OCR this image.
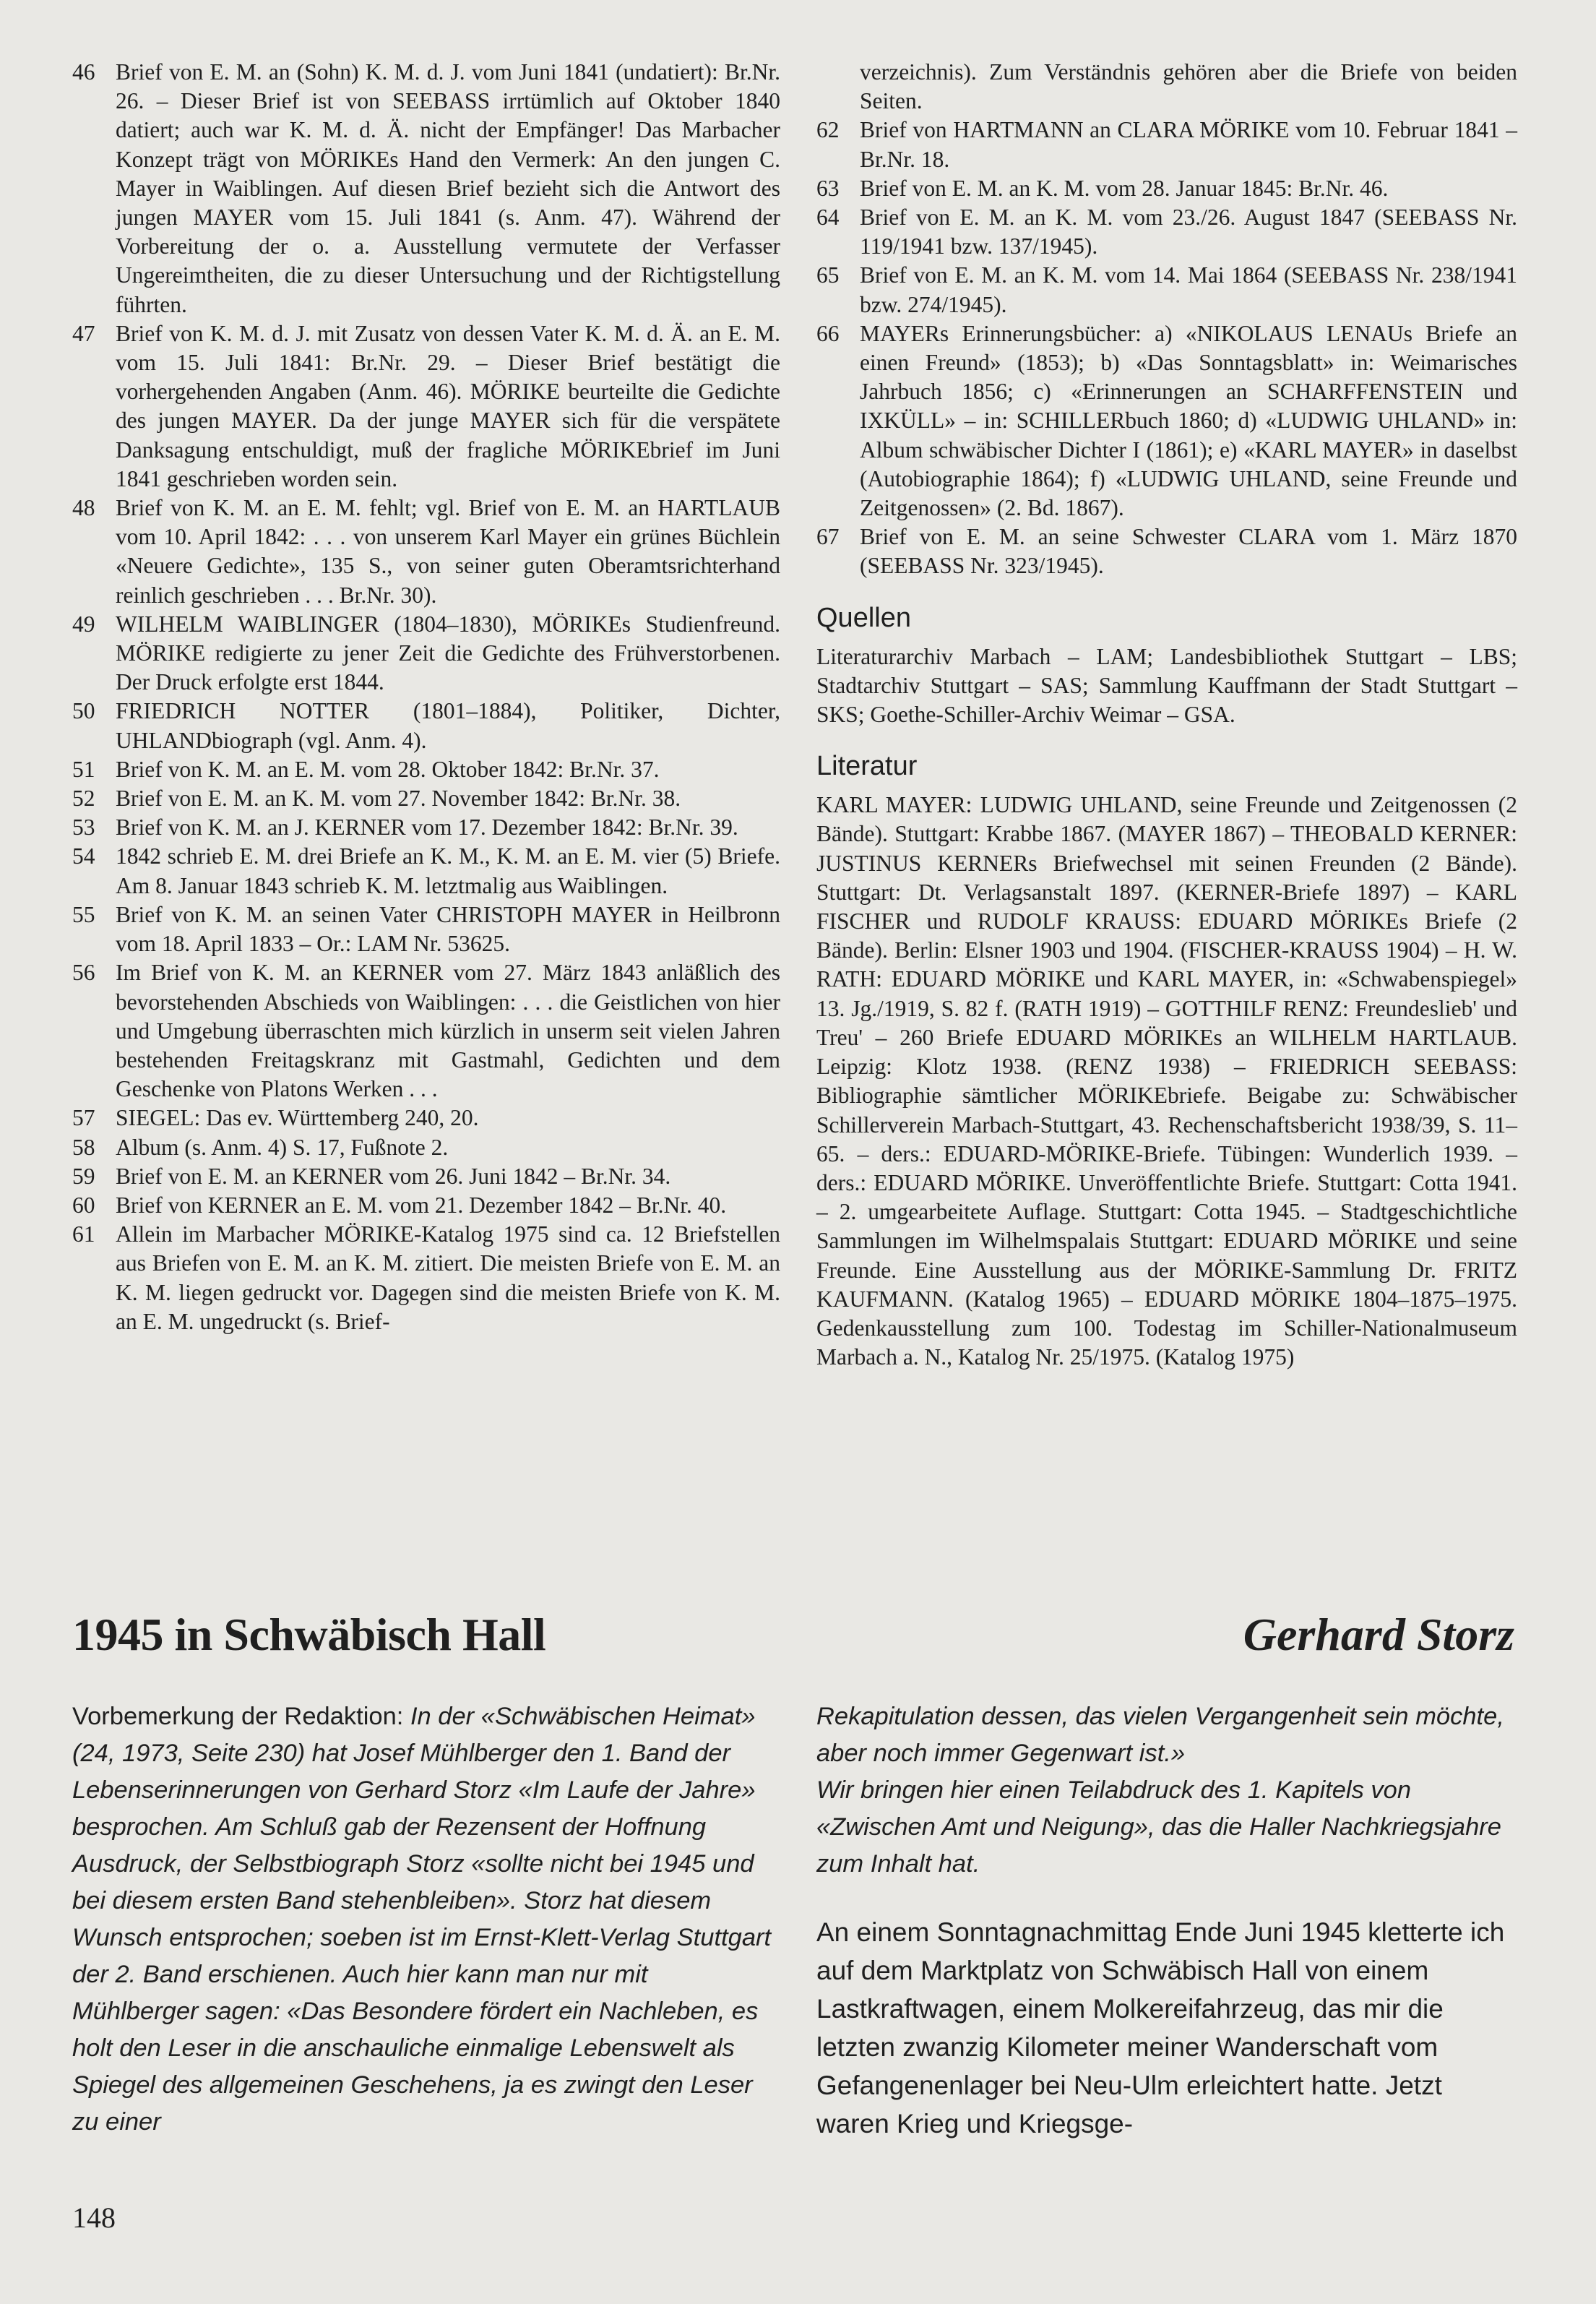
46 Brief von E. M. an (Sohn) K. M. d. J. vom Juni 1841 (undatiert): Br.Nr. 26. – Dieser Brief ist von SEEBASS irrtümlich auf Oktober 1840 datiert; auch war K. M. d. Ä. nicht der Empfänger! Das Marbacher Konzept trägt von MÖRIKEs Hand den Vermerk: An den jungen C. Mayer in Waiblingen. Auf diesen Brief bezieht sich die Antwort des jungen MAYER vom 15. Juli 1841 (s. Anm. 47). Während der Vorbereitung der o. a. Ausstellung vermutete der Verfasser Ungereimtheiten, die zu dieser Untersuchung und der Richtigstellung führten.
47 Brief von K. M. d. J. mit Zusatz von dessen Vater K. M. d. Ä. an E. M. vom 15. Juli 1841: Br.Nr. 29. – Dieser Brief bestätigt die vorhergehenden Angaben (Anm. 46). MÖRIKE beurteilte die Gedichte des jungen MAYER. Da der junge MAYER sich für die verspätete Danksagung entschuldigt, muß der fragliche MÖRIKEbrief im Juni 1841 geschrieben worden sein.
48 Brief von K. M. an E. M. fehlt; vgl. Brief von E. M. an HARTLAUB vom 10. April 1842: . . . von unserem Karl Mayer ein grünes Büchlein «Neuere Gedichte», 135 S., von seiner guten Oberamtsrichterhand reinlich geschrieben . . . Br.Nr. 30).
49 WILHELM WAIBLINGER (1804–1830), MÖRIKEs Studienfreund. MÖRIKE redigierte zu jener Zeit die Gedichte des Frühverstorbenen. Der Druck erfolgte erst 1844.
50 FRIEDRICH NOTTER (1801–1884), Politiker, Dichter, UHLANDbiograph (vgl. Anm. 4).
51 Brief von K. M. an E. M. vom 28. Oktober 1842: Br.Nr. 37.
52 Brief von E. M. an K. M. vom 27. November 1842: Br.Nr. 38.
53 Brief von K. M. an J. KERNER vom 17. Dezember 1842: Br.Nr. 39.
54 1842 schrieb E. M. drei Briefe an K. M., K. M. an E. M. vier (5) Briefe. Am 8. Januar 1843 schrieb K. M. letztmalig aus Waiblingen.
55 Brief von K. M. an seinen Vater CHRISTOPH MAYER in Heilbronn vom 18. April 1833 – Or.: LAM Nr. 53625.
56 Im Brief von K. M. an KERNER vom 27. März 1843 anläßlich des bevorstehenden Abschieds von Waiblingen: . . . die Geistlichen von hier und Umgebung überraschten mich kürzlich in unserm seit vielen Jahren bestehenden Freitagskranz mit Gastmahl, Gedichten und dem Geschenke von Platons Werken . . .
57 SIEGEL: Das ev. Württemberg 240, 20.
58 Album (s. Anm. 4) S. 17, Fußnote 2.
59 Brief von E. M. an KERNER vom 26. Juni 1842 – Br.Nr. 34.
60 Brief von KERNER an E. M. vom 21. Dezember 1842 – Br.Nr. 40.
61 Allein im Marbacher MÖRIKE-Katalog 1975 sind ca. 12 Briefstellen aus Briefen von E. M. an K. M. zitiert. Die meisten Briefe von E. M. an K. M. liegen gedruckt vor. Dagegen sind die meisten Briefe von K. M. an E. M. ungedruckt (s. Brief-
verzeichnis). Zum Verständnis gehören aber die Briefe von beiden Seiten.
62 Brief von HARTMANN an CLARA MÖRIKE vom 10. Februar 1841 – Br.Nr. 18.
63 Brief von E. M. an K. M. vom 28. Januar 1845: Br.Nr. 46.
64 Brief von E. M. an K. M. vom 23./26. August 1847 (SEEBASS Nr. 119/1941 bzw. 137/1945).
65 Brief von E. M. an K. M. vom 14. Mai 1864 (SEEBASS Nr. 238/1941 bzw. 274/1945).
66 MAYERs Erinnerungsbücher: a) «NIKOLAUS LENAUs Briefe an einen Freund» (1853); b) «Das Sonntagsblatt» in: Weimarisches Jahrbuch 1856; c) «Erinnerungen an SCHARFFENSTEIN und IXKÜLL» – in: SCHILLERbuch 1860; d) «LUDWIG UHLAND» in: Album schwäbischer Dichter I (1861); e) «KARL MAYER» in daselbst (Autobiographie 1864); f) «LUDWIG UHLAND, seine Freunde und Zeitgenossen» (2. Bd. 1867).
67 Brief von E. M. an seine Schwester CLARA vom 1. März 1870 (SEEBASS Nr. 323/1945).
Quellen
Literaturarchiv Marbach – LAM; Landesbibliothek Stuttgart – LBS; Stadtarchiv Stuttgart – SAS; Sammlung Kauffmann der Stadt Stuttgart – SKS; Goethe-Schiller-Archiv Weimar – GSA.
Literatur
KARL MAYER: LUDWIG UHLAND, seine Freunde und Zeitgenossen (2 Bände). Stuttgart: Krabbe 1867. (MAYER 1867) – THEOBALD KERNER: JUSTINUS KERNERs Briefwechsel mit seinen Freunden (2 Bände). Stuttgart: Dt. Verlagsanstalt 1897. (KERNER-Briefe 1897) – KARL FISCHER und RUDOLF KRAUSS: EDUARD MÖRIKEs Briefe (2 Bände). Berlin: Elsner 1903 und 1904. (FISCHER-KRAUSS 1904) – H. W. RATH: EDUARD MÖRIKE und KARL MAYER, in: «Schwabenspiegel» 13. Jg./1919, S. 82 f. (RATH 1919) – GOTTHILF RENZ: Freundeslieb' und Treu' – 260 Briefe EDUARD MÖRIKEs an WILHELM HARTLAUB. Leipzig: Klotz 1938. (RENZ 1938) – FRIEDRICH SEEBASS: Bibliographie sämtlicher MÖRIKEbriefe. Beigabe zu: Schwäbischer Schillerverein Marbach-Stuttgart, 43. Rechenschaftsbericht 1938/39, S. 11–65. – ders.: EDUARD-MÖRIKE-Briefe. Tübingen: Wunderlich 1939. – ders.: EDUARD MÖRIKE. Unveröffentlichte Briefe. Stuttgart: Cotta 1941. – 2. umgearbeitete Auflage. Stuttgart: Cotta 1945. – Stadtgeschichtliche Sammlungen im Wilhelmspalais Stuttgart: EDUARD MÖRIKE und seine Freunde. Eine Ausstellung aus der MÖRIKE-Sammlung Dr. FRITZ KAUFMANN. (Katalog 1965) – EDUARD MÖRIKE 1804–1875–1975. Gedenkausstellung zum 100. Todestag im Schiller-Nationalmuseum Marbach a. N., Katalog Nr. 25/1975. (Katalog 1975)
1945 in Schwäbisch Hall	Gerhard Storz
Vorbemerkung der Redaktion: In der «Schwäbischen Heimat» (24, 1973, Seite 230) hat Josef Mühlberger den 1. Band der Lebenserinnerungen von Gerhard Storz «Im Laufe der Jahre» besprochen. Am Schluß gab der Rezensent der Hoffnung Ausdruck, der Selbstbiograph Storz «sollte nicht bei 1945 und bei diesem ersten Band stehenbleiben». Storz hat diesem Wunsch entsprochen; soeben ist im Ernst-Klett-Verlag Stuttgart der 2. Band erschienen. Auch hier kann man nur mit Mühlberger sagen: «Das Besondere fördert ein Nachleben, es holt den Leser in die anschauliche einmalige Lebenswelt als Spiegel des allgemeinen Geschehens, ja es zwingt den Leser zu einer
Rekapitulation dessen, das vielen Vergangenheit sein möchte, aber noch immer Gegenwart ist.»
Wir bringen hier einen Teilabdruck des 1. Kapitels von «Zwischen Amt und Neigung», das die Haller Nachkriegsjahre zum Inhalt hat.
An einem Sonntagnachmittag Ende Juni 1945 kletterte ich auf dem Marktplatz von Schwäbisch Hall von einem Lastkraftwagen, einem Molkereifahrzeug, das mir die letzten zwanzig Kilometer meiner Wanderschaft vom Gefangenenlager bei Neu-Ulm erleichtert hatte. Jetzt waren Krieg und Kriegsge-
148
